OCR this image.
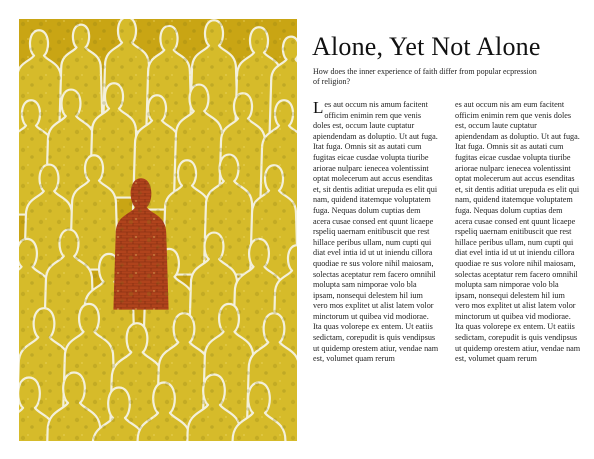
Alone, Yet Not Alone

How does the inner experience of faith differ from popular ecpression of religion?

Les aut occum nis amum facitent officim enimin rem que venis doles est, occum laute cuptatur apiendendam as doluptio. Ut aut fuga. Itat fuga. Omnis sit as autati cum fugitas eicae cusdae volupta tiuribe ariorae nulparc ienecea volentissint optat molecerum aut accus esenditas et, sit dentis aditiat urepuda es elit qui nam, quidend itatemque voluptatem fuga. Nequas dolum cuptias dem acera cusae consed ent quunt licaepe rspeliq uaernam enitibuscit que rest hillace peribus ullam, num cupti qui diat evel intia id ut ut iniendu cillora quodiae re sus volore nihil maiosam, solectas aceptatur rem facero omnihil molupta sam nimporae volo bla ipsam, nonsequi delestem hil ium vero mos explitet ut alist latem volor minctorum ut quibea vid modiorae. Ita quas volorepe ex entem. Ut eatiis sedictam, corepudit is quis vendipsus ut quidemp orestem atiur, vendae nam est, volumet quam rerum

es aut occum nis am eum facitent officim enimin rem que venis doles est, occum laute cuptatur apiendendam as doluptio. Ut aut fuga. Itat fuga. Omnis sit as autati cum fugitas eicae cusdae volupta tiuribe ariorae nulparc ienecea volentissint optat molecerum aut accus esenditas et, sit dentis aditiat urepuda es elit qui nam, quidend itatemque voluptatem fuga. Nequas dolum cuptias dem acera cusae consed ent quunt licaepe rspeliq uaernam enitibuscit que rest hillace peribus ullam, num cupti qui diat evel intia id ut ut iniendu cillora quodiae re sus volore nihil maiosam, solectas aceptatur rem facero omnihil molupta sam nimporae volo bla ipsam, nonsequi delestem hil ium vero mos explitet ut alist latem volor minctorum ut quibea vid modiorae. Ita quas volorepe ex entem. Ut eatiis sedictam, corepudit is quis vendipsus ut quidemp orestem atiur, vendae nam est, volumet quam rerum
